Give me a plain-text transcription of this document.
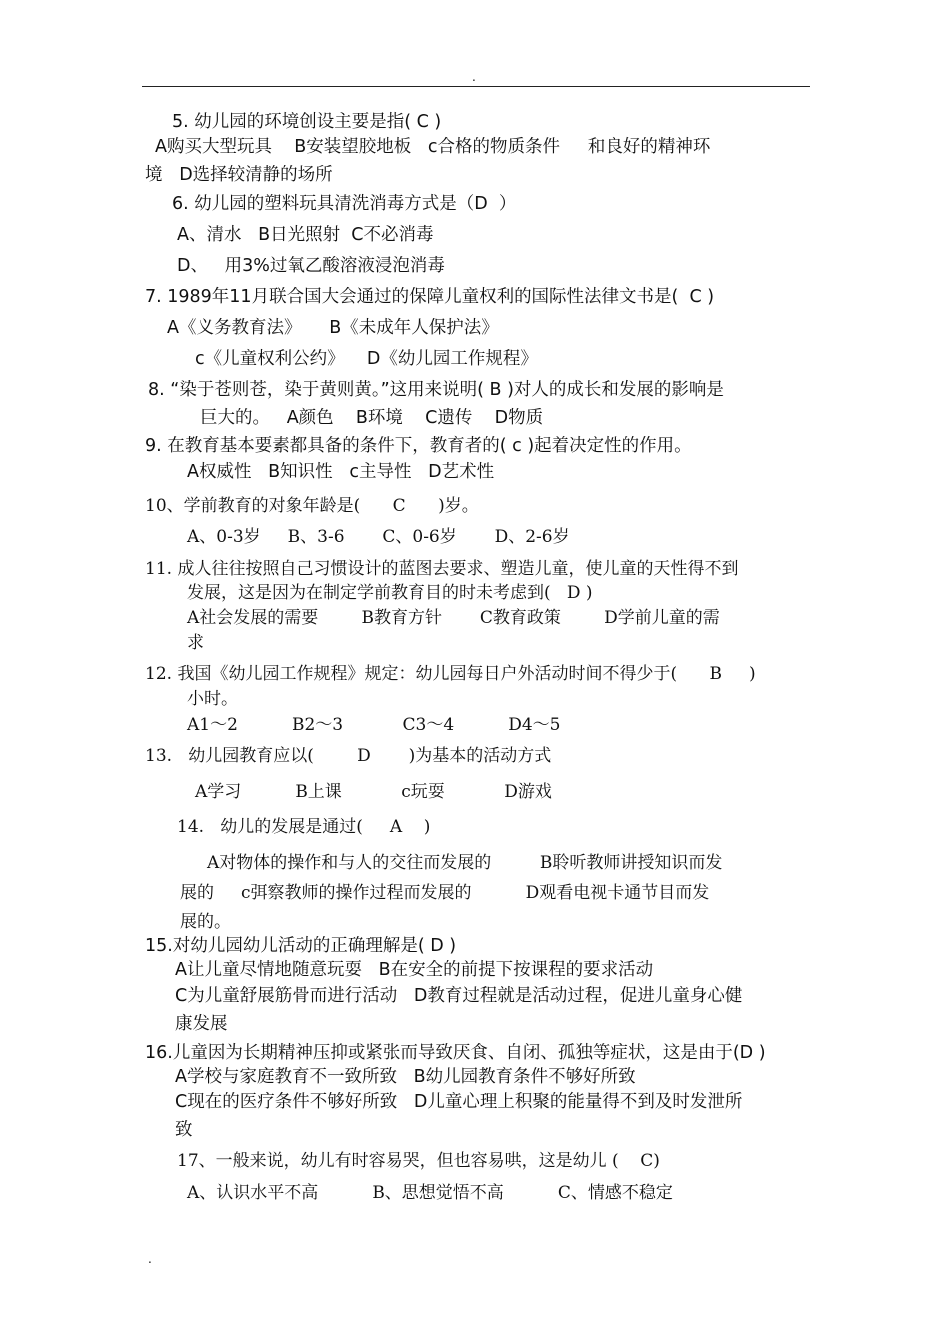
.
5. 幼儿园的环境创设主要是指( C )
A购买大型玩具    B安装望胶地板   c合格的物质条件     和良好的精神环
境   D选择较清静的场所
6. 幼儿园的塑料玩具清洗消毒方式是（D  ）
A、清水   B日光照射  C不必消毒
D、   用3%过氧乙酸溶液浸泡消毒
7. 1989年11月联合国大会通过的保障儿童权利的国际性法律文书是(  C )
A《义务教育法》     B《未成年人保护法》
c《儿童权利公约》    D《幼儿园工作规程》
8. “染于苍则苍，染于黄则黄。”这用来说明( B )对人的成长和发展的影响是
巨大的。   A颜色    B环境    C遗传    D物质
9. 在教育基本要素都具备的条件下，教育者的( c )起着决定性的作用。
A权威性   B知识性   c主导性   D艺术性
10、学前教育的对象年龄是(      C      )岁。
A、0-3岁     B、3-6       C、0-6岁       D、2-6岁
11. 成人往往按照自己习惯设计的蓝图去要求、塑造儿童，使儿童的天性得不到
发展，这是因为在制定学前教育目的时未考虑到(   D )
A社会发展的需要        B教育方针       C教育政策        D学前儿童的需
求
12. 我国《幼儿园工作规程》规定：幼儿园每日户外活动时间不得少于(      B     )
小时。
A1～2          B2～3           C3～4          D4～5
13.   幼儿园教育应以(        D       )为基本的活动方式
A学习          B上课           c玩耍           D游戏
14.   幼儿的发展是通过(     A    )
A对物体的操作和与人的交往而发展的         B聆听教师讲授知识而发
展的     c弭察教师的操作过程而发展的          D观看电视卡通节目而发
展的。
15.对幼儿园幼儿活动的正确理解是( D )
A让儿童尽情地随意玩耍   B在安全的前提下按课程的要求活动
C为儿童舒展筋骨而进行活动   D教育过程就是活动过程，促进儿童身心健
康发展
16.儿童因为长期精神压抑或紧张而导致厌食、自闭、孤独等症状，这是由于(D )
A学校与家庭教育不一致所致   B幼儿园教育条件不够好所致
C现在的医疗条件不够好所致   D儿童心理上积聚的能量得不到及时发泄所
致
17、一般来说，幼儿有时容易哭，但也容易哄，这是幼儿 (    C)
A、认识水平不高          B、思想觉悟不高          C、情感不稳定
.
